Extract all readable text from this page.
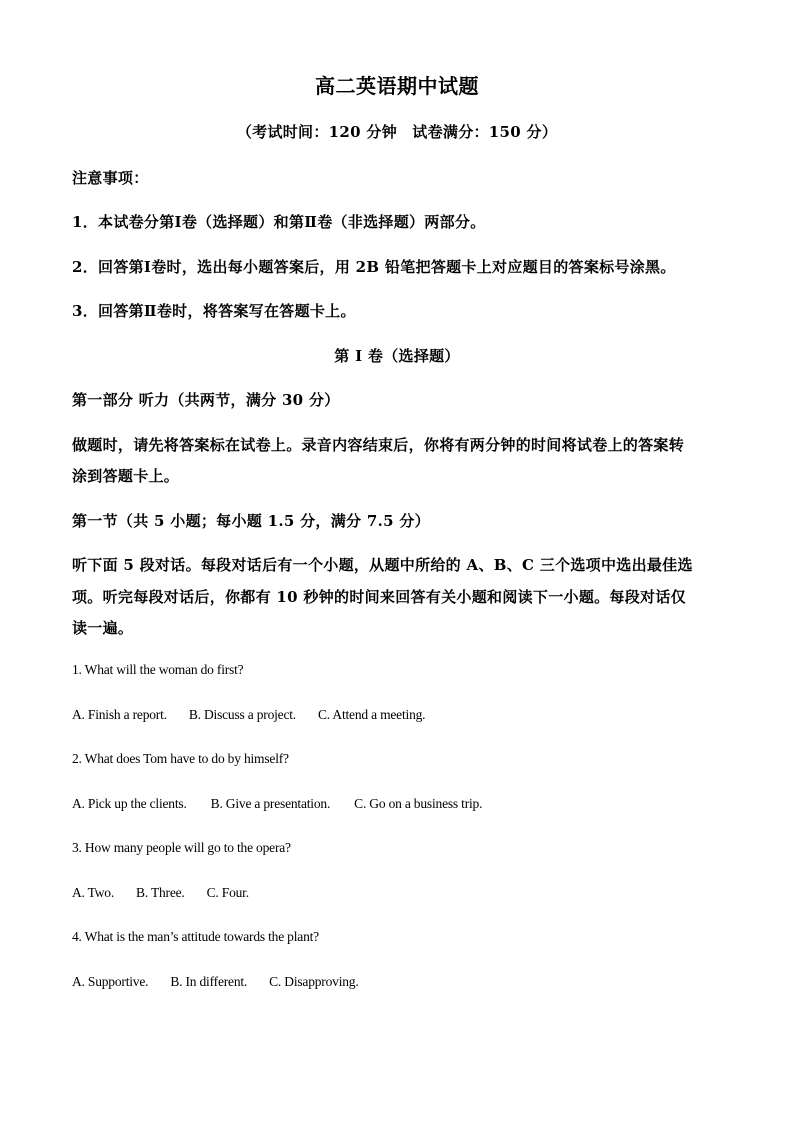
高二英语期中试题
（考试时间：120 分钟　试卷满分：150 分）
注意事项：
1．本试卷分第Ⅰ卷（选择题）和第Ⅱ卷（非选择题）两部分。
2．回答第Ⅰ卷时，选出每小题答案后，用 2B 铅笔把答题卡上对应题目的答案标号涂黑。
3．回答第Ⅱ卷时，将答案写在答题卡上。
第 I 卷（选择题）
第一部分 听力（共两节，满分 30 分）
做题时，请先将答案标在试卷上。录音内容结束后，你将有两分钟的时间将试卷上的答案转
涂到答题卡上。
第一节（共 5 小题；每小题 1.5 分，满分 7.5 分）
听下面 5 段对话。每段对话后有一个小题，从题中所给的 A、B、C 三个选项中选出最佳选
项。听完每段对话后，你都有 10 秒钟的时间来回答有关小题和阅读下一小题。每段对话仅
读一遍。
1. What will the woman do first?
A. Finish a report. B. Discuss a project. C. Attend a meeting.
2. What does Tom have to do by himself?
A. Pick up the clients. B. Give a presentation. C. Go on a business trip.
3. How many people will go to the opera?
A. Two. B. Three. C. Four.
4. What is the man’s attitude towards the plant?
A. Supportive. B. In different. C. Disapproving.
